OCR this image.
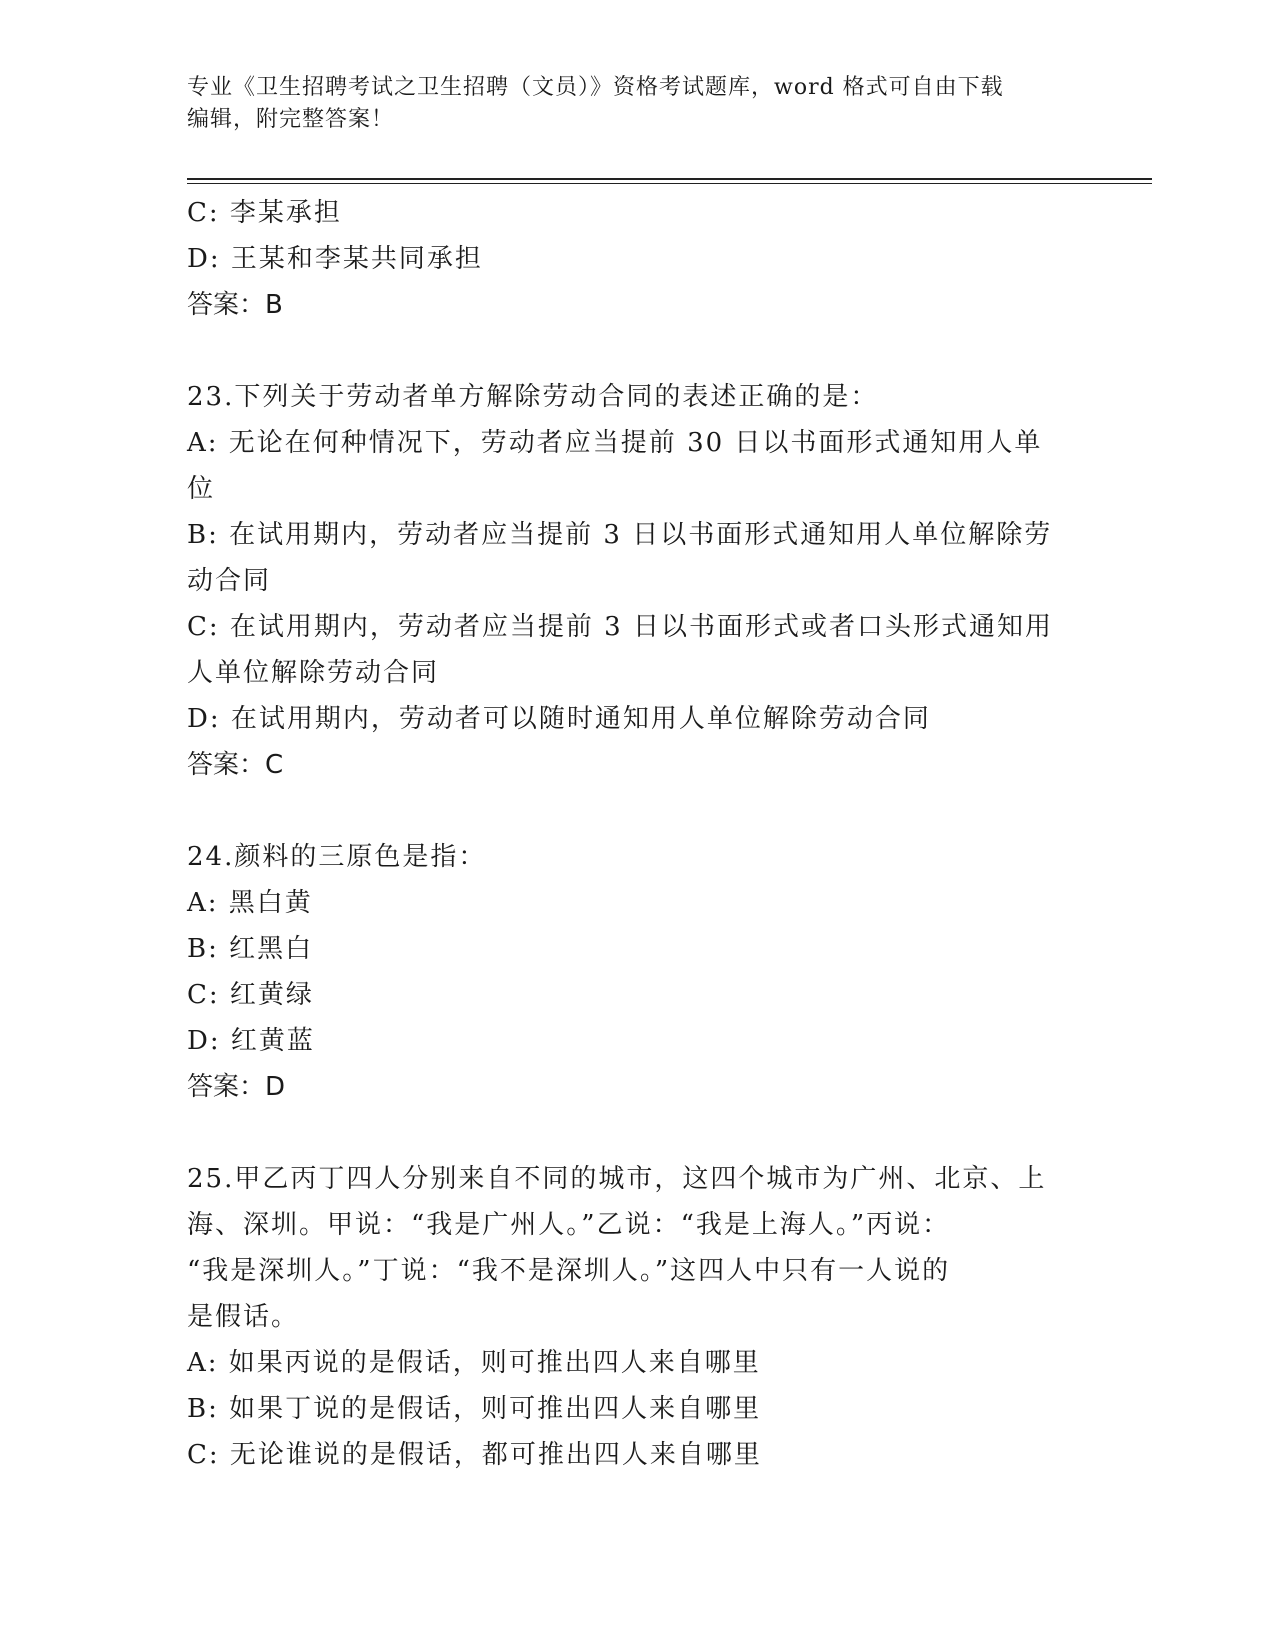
专业《卫生招聘考试之卫生招聘（文员）》资格考试题库，word 格式可自由下载
编辑，附完整答案！
C: 李某承担
D: 王某和李某共同承担
答案：B
23.下列关于劳动者单方解除劳动合同的表述正确的是：
A: 无论在何种情况下，劳动者应当提前 30 日以书面形式通知用人单
位
B: 在试用期内，劳动者应当提前 3 日以书面形式通知用人单位解除劳
动合同
C: 在试用期内，劳动者应当提前 3 日以书面形式或者口头形式通知用
人单位解除劳动合同
D: 在试用期内，劳动者可以随时通知用人单位解除劳动合同
答案：C
24.颜料的三原色是指：
A: 黑白黄
B: 红黑白
C: 红黄绿
D: 红黄蓝
答案：D
25.甲乙丙丁四人分别来自不同的城市，这四个城市为广州、北京、上
海、深圳。甲说：“我是广州人。”乙说：“我是上海人。”丙说：
“我是深圳人。”丁说：“我不是深圳人。”这四人中只有一人说的
是假话。
A: 如果丙说的是假话，则可推出四人来自哪里
B: 如果丁说的是假话，则可推出四人来自哪里
C: 无论谁说的是假话，都可推出四人来自哪里
